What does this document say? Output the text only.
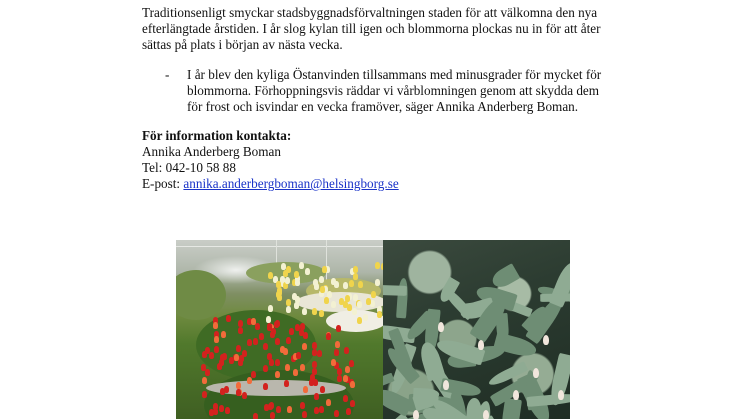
Traditionsenligt smyckar stadsbyggnadsförvaltningen staden för att välkomna den nya
efterlängtade årstiden. I år slog kylan till igen och blommorna plockas nu in för att åter
sättas på plats i början av nästa vecka.
- I år blev den kyliga Östanvinden tillsammans med minusgrader för mycket för
blommorna. Förhoppningsvis räddar vi vårblomningen genom att skydda dem
för frost och isvindar en vecka framöver, säger Annika Anderberg Boman.
För information kontakta:
Annika Anderberg Boman
Tel: 042-10 58 88
E-post: annika.anderbergboman@helsingborg.se
